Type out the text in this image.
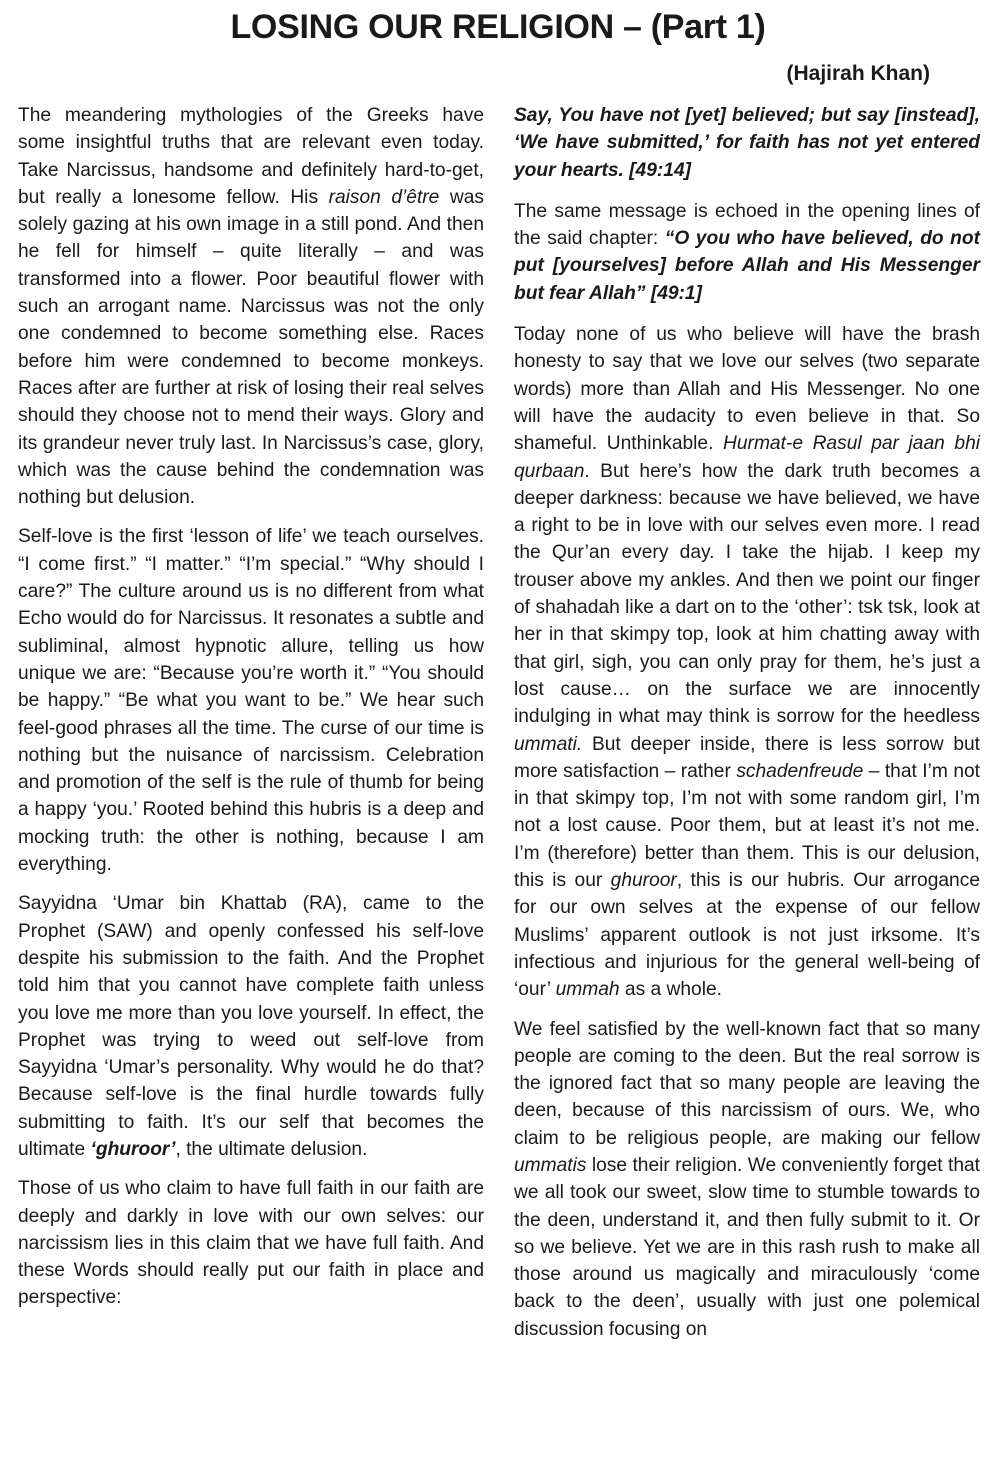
LOSING OUR RELIGION – (Part 1)
(Hajirah Khan)

The meandering mythologies of the Greeks have some insightful truths that are relevant even today. Take Narcissus, handsome and definitely hard-to-get, but really a lonesome fellow. His raison d’être was solely gazing at his own image in a still pond. And then he fell for himself – quite literally – and was transformed into a flower. Poor beautiful flower with such an arrogant name. Narcissus was not the only one condemned to become something else. Races before him were condemned to become monkeys. Races after are further at risk of losing their real selves should they choose not to mend their ways. Glory and its grandeur never truly last. In Narcissus’s case, glory, which was the cause behind the condemnation was nothing but delusion.

Self-love is the first ‘lesson of life’ we teach ourselves. “I come first.” “I matter.” “I’m special.” “Why should I care?” The culture around us is no different from what Echo would do for Narcissus. It resonates a subtle and subliminal, almost hypnotic allure, telling us how unique we are: “Because you’re worth it.” “You should be happy.” “Be what you want to be.” We hear such feel-good phrases all the time. The curse of our time is nothing but the nuisance of narcissism. Celebration and promotion of the self is the rule of thumb for being a happy ‘you.’ Rooted behind this hubris is a deep and mocking truth: the other is nothing, because I am everything.

Sayyidna ‘Umar bin Khattab (RA), came to the Prophet (SAW) and openly confessed his self-love despite his submission to the faith. And the Prophet told him that you cannot have complete faith unless you love me more than you love yourself. In effect, the Prophet was trying to weed out self-love from Sayyidna ‘Umar’s personality. Why would he do that? Because self-love is the final hurdle towards fully submitting to faith. It’s our self that becomes the ultimate ‘ghuroor’, the ultimate delusion.

Those of us who claim to have full faith in our faith are deeply and darkly in love with our own selves: our narcissism lies in this claim that we have full faith. And these Words should really put our faith in place and perspective:

Say, You have not [yet] believed; but say [instead], ‘We have submitted,’ for faith has not yet entered your hearts. [49:14]

The same message is echoed in the opening lines of the said chapter: “O you who have believed, do not put [yourselves] before Allah and His Messenger but fear Allah” [49:1]

Today none of us who believe will have the brash honesty to say that we love our selves (two separate words) more than Allah and His Messenger. No one will have the audacity to even believe in that. So shameful. Unthinkable. Hurmat-e Rasul par jaan bhi qurbaan. But here’s how the dark truth becomes a deeper darkness: because we have believed, we have a right to be in love with our selves even more. I read the Qur’an every day. I take the hijab. I keep my trouser above my ankles. And then we point our finger of shahadah like a dart on to the ‘other’: tsk tsk, look at her in that skimpy top, look at him chatting away with that girl, sigh, you can only pray for them, he’s just a lost cause… on the surface we are innocently indulging in what may think is sorrow for the heedless ummati. But deeper inside, there is less sorrow but more satisfaction – rather schadenfreude – that I’m not in that skimpy top, I’m not with some random girl, I’m not a lost cause. Poor them, but at least it’s not me. I’m (therefore) better than them. This is our delusion, this is our ghuroor, this is our hubris. Our arrogance for our own selves at the expense of our fellow Muslims’ apparent outlook is not just irksome. It’s infectious and injurious for the general well-being of ‘our’ ummah as a whole.

We feel satisfied by the well-known fact that so many people are coming to the deen. But the real sorrow is the ignored fact that so many people are leaving the deen, because of this narcissism of ours. We, who claim to be religious people, are making our fellow ummatis lose their religion. We conveniently forget that we all took our sweet, slow time to stumble towards to the deen, understand it, and then fully submit to it. Or so we believe. Yet we are in this rash rush to make all those around us magically and miraculously ‘come back to the deen’, usually with just one polemical discussion focusing on
